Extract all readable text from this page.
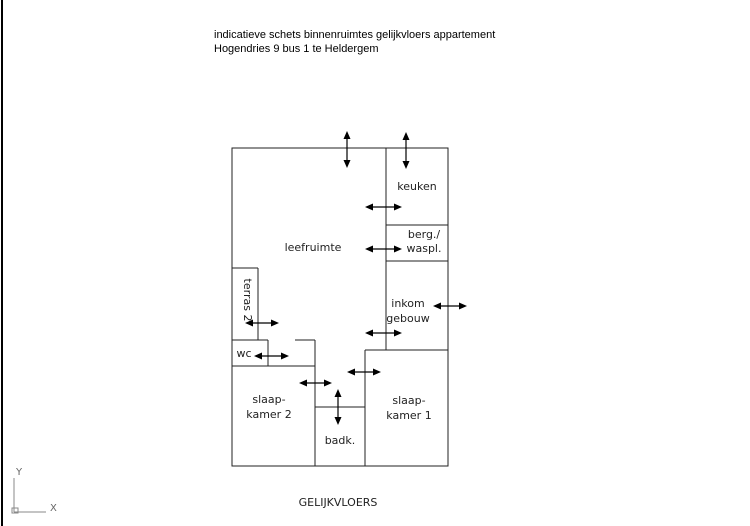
indicatieve schets binnenruimtes gelijkvloers appartement
Hogendries 9 bus 1 te Heldergem
keuken
berg./
waspl.
leefruimte
terras 2	inkom
gebouw
wc
slaap-
kamer 2
slaap-
kamer 1
badk.
GELIJKVLOERS
Y
X
